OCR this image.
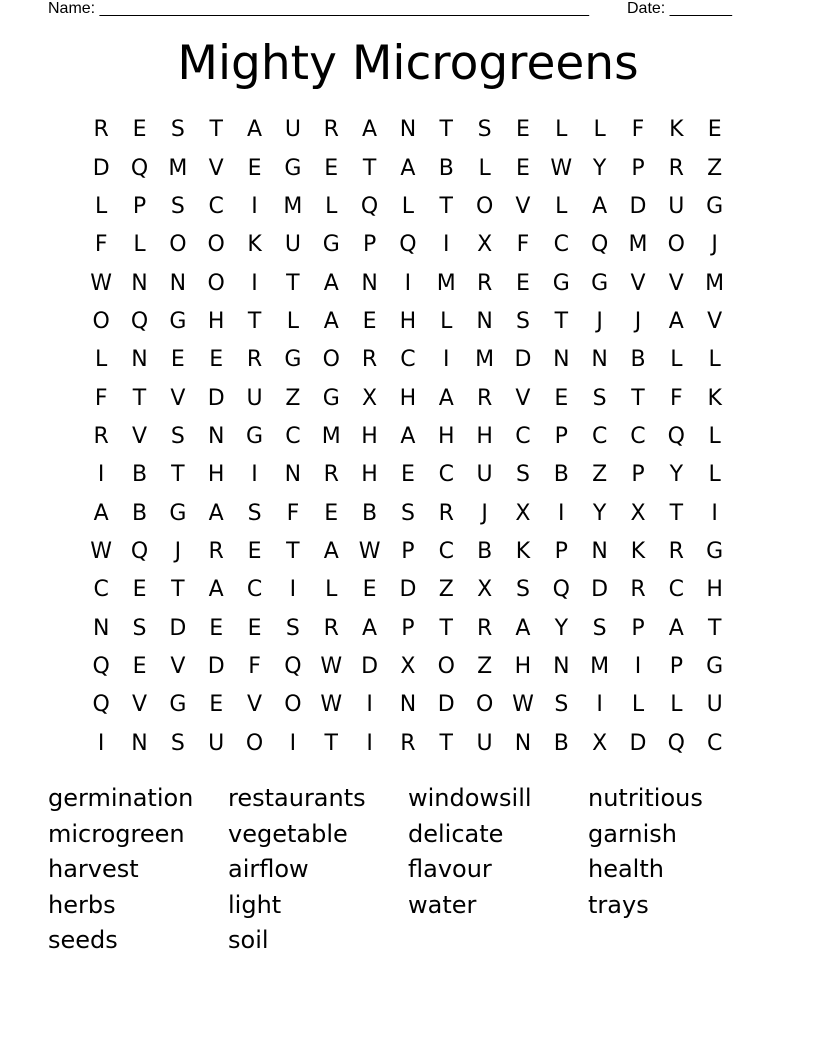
Name: _______________________________________________________ Date: _______
Mighty Microgreens
R	E	S	T	A	U	R	A	N	T	S	E	L	L	F	K	E
D Q M V	E	G	E	T	A	B	L	E W Y	P	R	Z
L	P	S	C	I	M	L	Q	L	T	O	V	L	A	D U G
F	L	O O	K	U G	P	Q	I	X	F	C Q M O	J
W N N O	I	T	A	N	I	M R	E	G G	V	V M
O Q G H	T	L	A	E	H	L	N	S	T	J	J	A	V
L	N	E	E	R	G O	R	C	I	M D N N	B	L	L
F	T	V	D U	Z	G	X	H	A	R	V	E	S	T	F	K
R	V	S	N G	C M H	A	H H	C	P	C	C Q	L
I	B	T	H	I	N	R	H	E	C	U	S	B	Z	P	Y	L
A	B	G	A	S	F	E	B	S	R	J	X	I	Y	X	T	I
W Q	J	R	E	T	A W P	C	B	K	P	N	K	R	G
C	E	T	A	C	I	L	E	D	Z	X	S	Q D	R	C	H
N	S	D	E	E	S	R	A	P	T	R	A	Y	S	P	A	T
Q	E	V	D	F	Q W D	X	O	Z	H N M	I	P	G
Q	V	G	E	V	O W	I	N D O W S	I	L	L	U
I	N	S	U O	I	T	I	R	T	U	N	B	X	D Q	C
germination
microgreen
harvest
herbs
seeds
restaurants
vegetable
airflow
light
soil
windowsill
delicate
flavour
water
nutritious
garnish
health
trays
